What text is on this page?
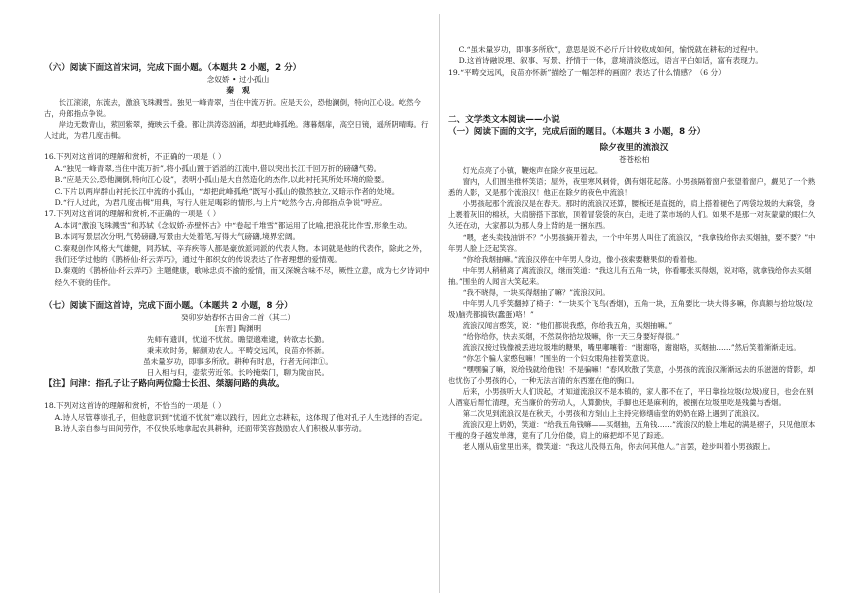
（六）阅读下面这首宋词，完成下面小题。（本题共 2 小题，2 分）

念奴娇 • 过小孤山

秦　观

长江滚滚，东流去，激浪飞珠溅雪。独见一峰青翠，当住中流万折。应是天公，恐他澜倒，特向江心设。屹然今古，舟郎指点争说。

岸边无数青山，萦回紫翠，掩映云千叠。都让洪涛恣汹涌，却把此峰孤绝。薄暮烟扉，高空日镜，遥所阴晴晦。行人过此，为君几度击楫。

16.下列对这首词的理解和赏析，不正确的一项是（ ）

A.“独见一峰青翠,当住中流万折”,将小孤山置于滔滔的江流中,借以突出长江千回万折的磅礴气势。

B.“应是天公,恐他澜倒,特向江心设”，表明小孤山是大自然造化的杰作,以此衬托其所处环境的险要。

C.下片以两岸群山衬托长江中流的小孤山，“却把此峰孤绝”既写小孤山的傲然独立,又暗示作者的处境。

D.“行人过此，为君几度击楫”用典，写行人驻足喝彩的情形,与上片“屹然今古,舟郎指点争说”呼应。

17.下列对这首词的理解和赏析,不正确的一项是（ ）

A.本词“激浪飞珠溅雪”和苏轼《念奴娇·赤壁怀古》中“卷起千堆雪”都运用了比喻,把浪花比作雪,形象生动。

B.本词写景层次分明,气势磅礴,写景由大处着笔,写得大气磅礴,境界宏阔。

C.秦观创作风格大气雄健，同苏轼、辛弃疾等人都是豪放派词派的代表人物。本词就是他的代表作，除此之外，我们还学过他的《鹊桥仙·纤云弄巧》，通过牛郎织女的传说表达了作者理想的爱情观。

D.秦观的《鹊桥仙·纤云弄巧》主题健康，歌咏忠贞不渝的爱情，而又深婉含味不尽，厥性立意，成为七夕诗词中经久不衰的佳作。

（七）阅读下面这首诗，完成下面小题。（本题共 2 小题，8 分）

癸卯岁始春怀古田舍二首（其二）

[东晋] 陶渊明

先师有遗训，忧道不忧贫。瞻望邈难逮，转欲志长勤。

秉耒欢时务，解颜劝农人。平畴交远风，良苗亦怀新。

虽未量岁功，即事多所欣。耕种有时息，行者无问津①。

日入相与归，壶浆劳近邻。长吟掩柴门，聊为陇亩民。

【注】问津：指孔子让子路向两位隐士长沮、桀溺问路的典故。

18.下列对这首诗的理解和赏析，不恰当的一项是（ ）

A.诗人尽管尊崇孔子，但他意识到“忧道不忧贫”难以践行，因此立志耕耘，这体现了他对孔子人生选择的否定。

B.诗人亲自参与田间劳作，不仅快乐地拿起农具耕种，还面带笑容鼓励农人们积极从事劳动。

C.“虽未量岁功，即事多所欣”，意思是说不必斤斤计较收成如何，愉悦就在耕耘的过程中。

D.这首诗融说理、叙事、写景、抒情于一体，意境清淡悠远，语言平白如话，富有表现力。

19.“平畴交远风，良苗亦怀新”描绘了一幅怎样的画面？表达了什么情感？（6 分）

二、文学类文本阅读——小说

（一）阅读下面的文字，完成后面的题目。（本题共 3 小题，8 分）

除夕夜里的流浪汉

苍苍松柏

灯光点亮了小镇，鞭炮声在除夕夜里远起。

窗内，人们围坐推杯笑语；屋外，夜里寒风刺骨，偶有烟花起落。小男孩隔着窗户张望着窗户，觑见了一个熟悉的人影，又是那个流浪汉！他正在除夕的夜色中流浪！

小男孩起那个流浪汉是在春天。那时的流浪汉还算，腰板还是直挺的，肩上搭着褪色了两袋垃圾的大麻袋，身上裹着灰旧的棉袄，大肩膀搭下部旅，顶着冒袋袋的灰白，走进了菜市场的人们。如果不是那一对灰蒙蒙的眼仁久久还在动，大家都以为那人身上背的是一捆东西。

“喂，老头卖钱油饼不？”小男孩摘开着去，一个中年男人叫住了流浪汉，“我拿钱给你去买烟抽，要不要？”中年男人脸上泛起笑容。

“你给我烟抽嘛。”流浪汉停在中年男人身边，像小孩索要糖果似的看着他。

中年男人稍稍离了离流浪汉，继而笑道：“我这儿有五角一块，你看哪张买得烟，说对咯，就拿钱给你去买烟抽。”围坐的人闻言大笑起来。

“我不晓得，一块买得烟抽了嘛？”流浪汉问。

中年男人几乎笑翻掉了椅子：“一块买个飞鸟(香烟)，五角一块，五角要比一块大得多嘛，你真额与拾垃圾(垃圾)脑壳都搞铁(蠢蛋)咯！”

流浪汉闻言憨笑，说：“他们都说我憨，你给我五角，买烟抽嘛。”

“给你给你，快去买烟，不然误你拾垃圾嘛，你一天三身要好得很。”

流浪汉接过钱像被丢进垃圾堆的糖果，嘴里嘟嚷着：“谢谢咯，谢谢咯，买烟抽……”然后笑着渐渐走远。

“你怎个骗人家憨包嘛！”围坐的一个妇女眼角挂着笑意说。

“嘿嘿骗了嘛，说给钱就给他钱！不是骗嘛！”春风吹散了笑意，小男孩的流浪汉渐渐远去的乐滋滋的背影，却也忧伤了小男孩的心，一种无法言清的东西塞在他的胸口。

后来，小男孩听大人们说起，才知道流浪汉不是本镇的，家人都不在了，平日靠捡垃圾(垃圾)度日，也会在别人酒宴后帮忙清理，充当廉价的劳动人，人算勤快，手脚也还是麻利的，被捌在垃圾里吃是残羹与香烟。

第二次见到流浪汉是在秋天，小男孩和方刻山上主持完修缮庙堂的奶奶在路上遇到了流浪汉。

流浪汉迎上奶奶，笑道：“给我五角钱嘛——买烟抽，五角钱……”流浪汉的脸上堆起的满是褶子，只见他原本干瘦的身子越发单薄，竟有了几分伯偻，肩上的麻把却不见了踪迹。

老人刚从庙堂里出来，微笑道：“我这儿没得五角，你去问其他人。”言罢，趁步叫着小男孩跟上。
